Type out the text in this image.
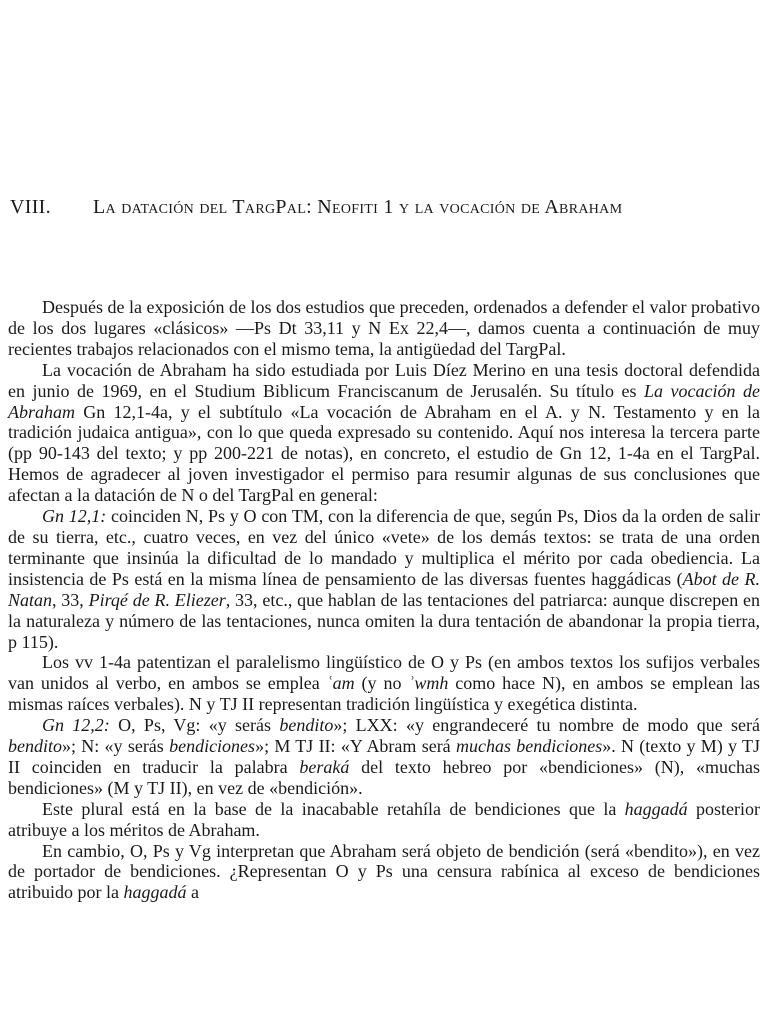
VIII. La datación del TargPal: Neofiti 1 y la vocación de Abraham

Después de la exposición de los dos estudios que preceden, ordenados a defender el valor probativo de los dos lugares «clásicos» —Ps Dt 33,11 y N Ex 22,4—, damos cuenta a continuación de muy recientes trabajos relacionados con el mismo tema, la antigüedad del TargPal.

La vocación de Abraham ha sido estudiada por Luis Díez Merino en una tesis doctoral defendida en junio de 1969, en el Studium Biblicum Franciscanum de Jerusalén. Su título es La vocación de Abraham Gn 12,1-4a, y el subtítulo «La vocación de Abraham en el A. y N. Testamento y en la tradición judaica antigua», con lo que queda expresado su contenido. Aquí nos interesa la tercera parte (pp 90-143 del texto; y pp 200-221 de notas), en concreto, el estudio de Gn 12, 1-4a en el TargPal. Hemos de agradecer al joven investigador el permiso para resumir algunas de sus conclusiones que afectan a la datación de N o del TargPal en general:

Gn 12,1: coinciden N, Ps y O con TM, con la diferencia de que, según Ps, Dios da la orden de salir de su tierra, etc., cuatro veces, en vez del único «vete» de los demás textos: se trata de una orden terminante que insinúa la dificultad de lo mandado y multiplica el mérito por cada obediencia. La insistencia de Ps está en la misma línea de pensamiento de las diversas fuentes haggádicas (Abot de R. Natan, 33, Pirqé de R. Eliezer, 33, etc., que hablan de las tentaciones del patriarca: aunque discrepen en la naturaleza y número de las tentaciones, nunca omiten la dura tentación de abandonar la propia tierra, p 115).

Los vv 1-4a patentizan el paralelismo lingüístico de O y Ps (en ambos textos los sufijos verbales van unidos al verbo, en ambos se emplea ʿam (y no ʾwmh como hace N), en ambos se emplean las mismas raíces verbales). N y TJ II representan tradición lingüística y exegética distinta.

Gn 12,2: O, Ps, Vg: «y serás bendito»; LXX: «y engrandeceré tu nombre de modo que será bendito»; N: «y serás bendiciones»; M TJ II: «Y Abram será muchas bendiciones». N (texto y M) y TJ II coinciden en traducir la palabra beraká del texto hebreo por «bendiciones» (N), «muchas bendiciones» (M y TJ II), en vez de «bendición».

Este plural está en la base de la inacabable retahíla de bendiciones que la haggadá posterior atribuye a los méritos de Abraham.

En cambio, O, Ps y Vg interpretan que Abraham será objeto de bendición (será «bendito»), en vez de portador de bendiciones. ¿Representan O y Ps una censura rabínica al exceso de bendiciones atribuido por la haggadá a
